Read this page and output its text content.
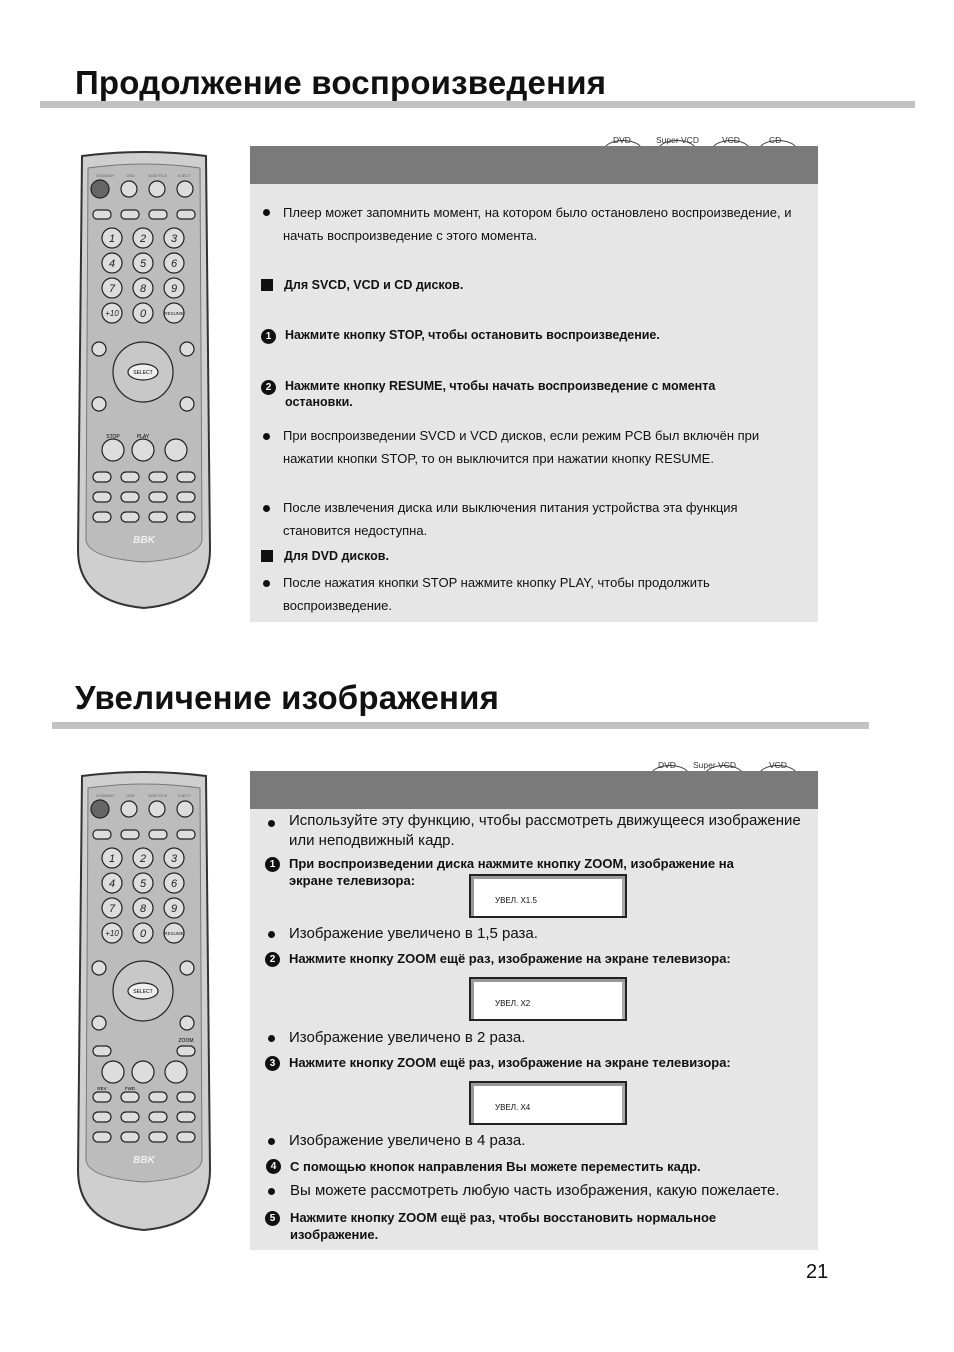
Продолжение воспроизведения
DVD	Super VCD	VCD	CD
Плеер может запомнить момент, на котором было остановлено воспроизведение, и начать воспроизведение с этого момента.
Для SVCD, VCD и CD дисков.
1	Нажмите кнопку STOP, чтобы остановить воспроизведение.
2	Нажмите кнопку RESUME, чтобы начать воспроизведение с момента остановки.
При воспроизведении SVCD и VCD дисков, если режим PCB был включён при нажатии кнопки STOP, то он выключится при нажатии кнопку RESUME.
После извлечения диска или выключения питания устройства эта функция становится недоступна.
Для DVD дисков.
После нажатия кнопки STOP нажмите кнопку PLAY, чтобы продолжить воспроизведение.
Увеличение изображения
DVD Super VCD	VCD
Используйте эту функцию, чтобы рассмотреть движущееся изображение или неподвижный кадр.
1	При воспроизведении диска нажмите кнопку ZOOM, изображение на экране телевизора:
УВЕЛ. X1.5
Изображение увеличено в 1,5 раза.
2	Нажмите кнопку ZOOM ещё раз, изображение на экране телевизора:
УВЕЛ. X2
Изображение увеличено в 2 раза.
3	Нажмите кнопку ZOOM ещё раз, изображение на экране телевизора:
УВЕЛ. X4
Изображение увеличено в 4 раза.
4	С помощью кнопок направления Вы можете переместить кадр.
Вы можете рассмотреть любую часть изображения, какую пожелаете.
5	Нажмите кнопку ZOOM ещё раз, чтобы восстановить нормальное изображение.
21
STANDBY	OSD	SUBTITLE	EJECT
1 2 3
4 5 6
7 8 9
+10 0	RESUME
SELECT
STOP	PLAY
BBK
STANDBY	OSD	SUBTITLE	EJECT
1 2 3
4 5 6
7 8 9
+10 0	RESUME
SELECT
ZOOM
REV	FWD
BBK
